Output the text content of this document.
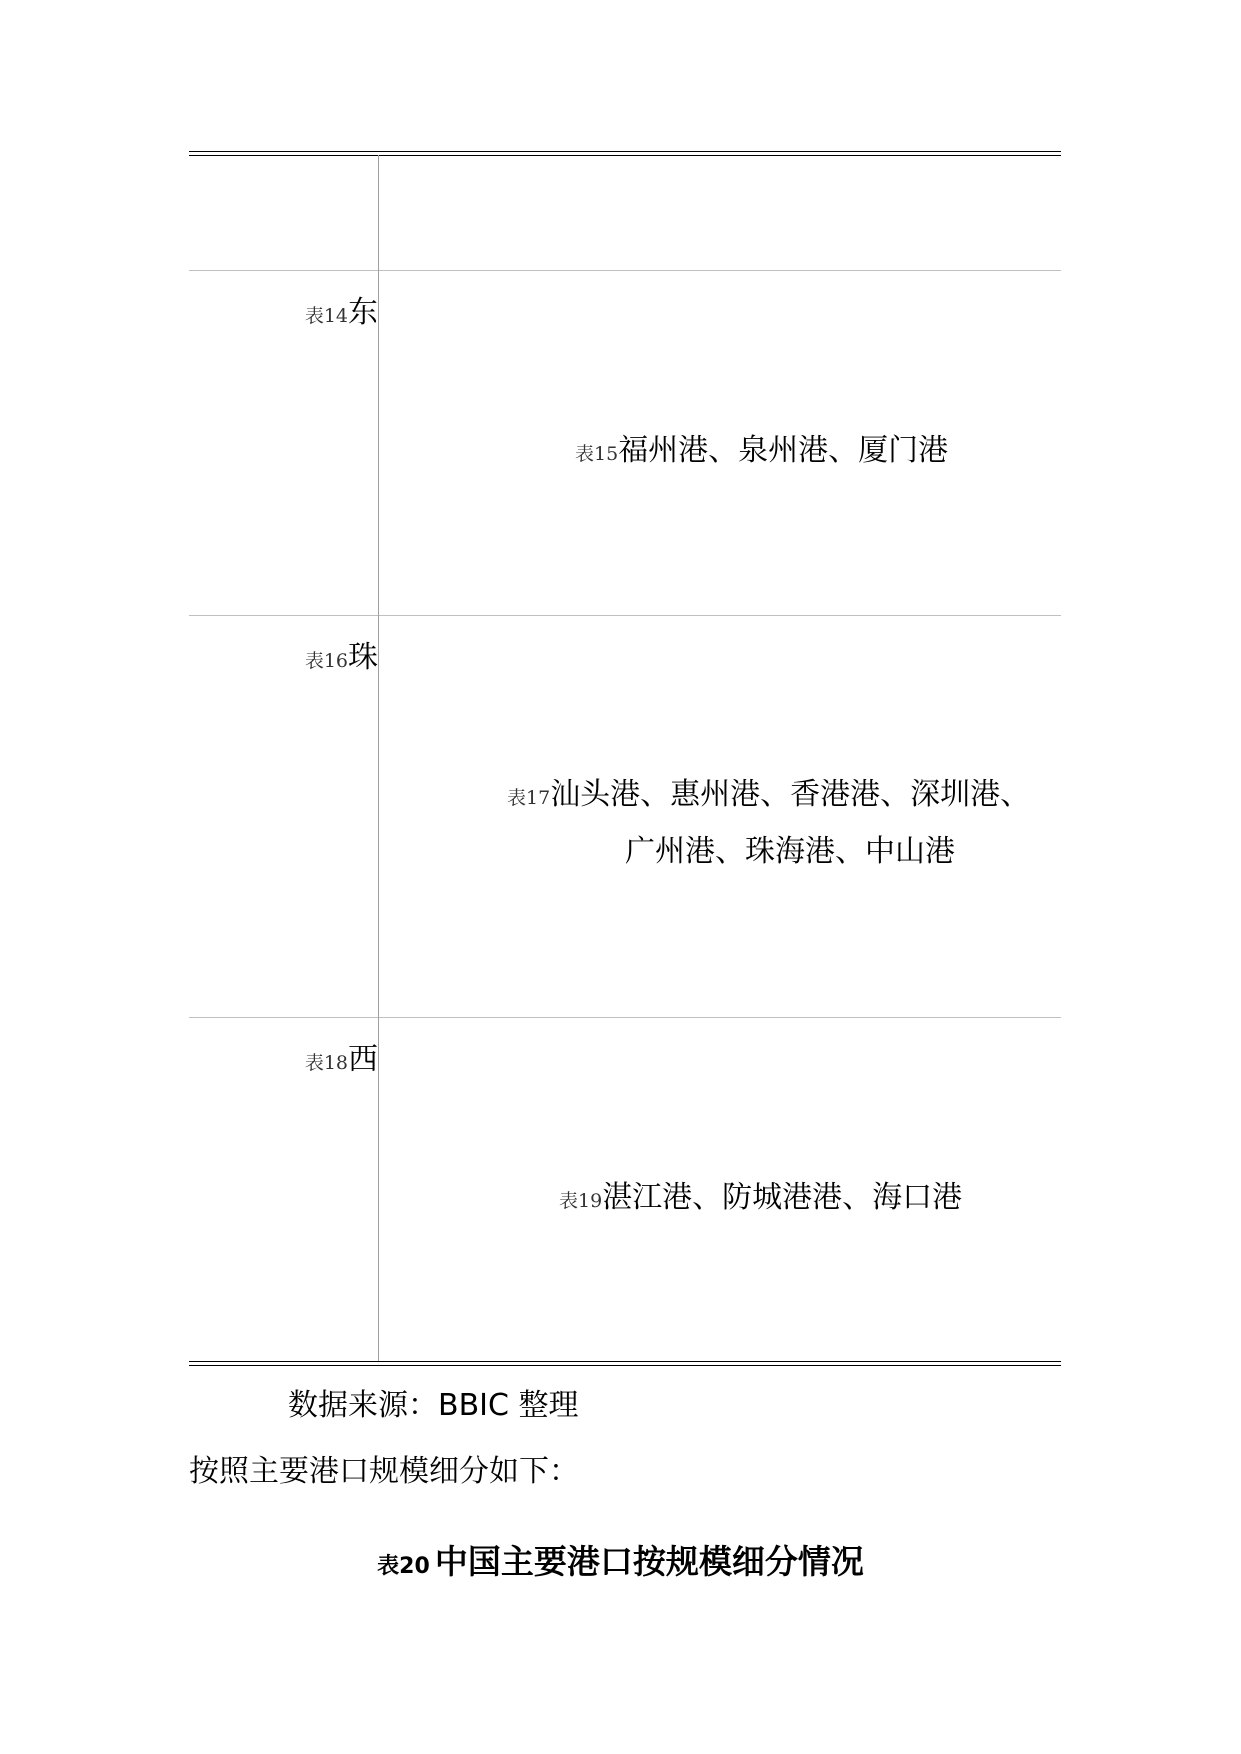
表14东
表15福州港、泉州港、厦门港
表16珠
表17汕头港、惠州港、香港港、深圳港、
广州港、珠海港、中山港
表18西
表19湛江港、防城港港、海口港
数据来源：BBIC 整理
按照主要港口规模细分如下：
表20 中国主要港口按规模细分情况
